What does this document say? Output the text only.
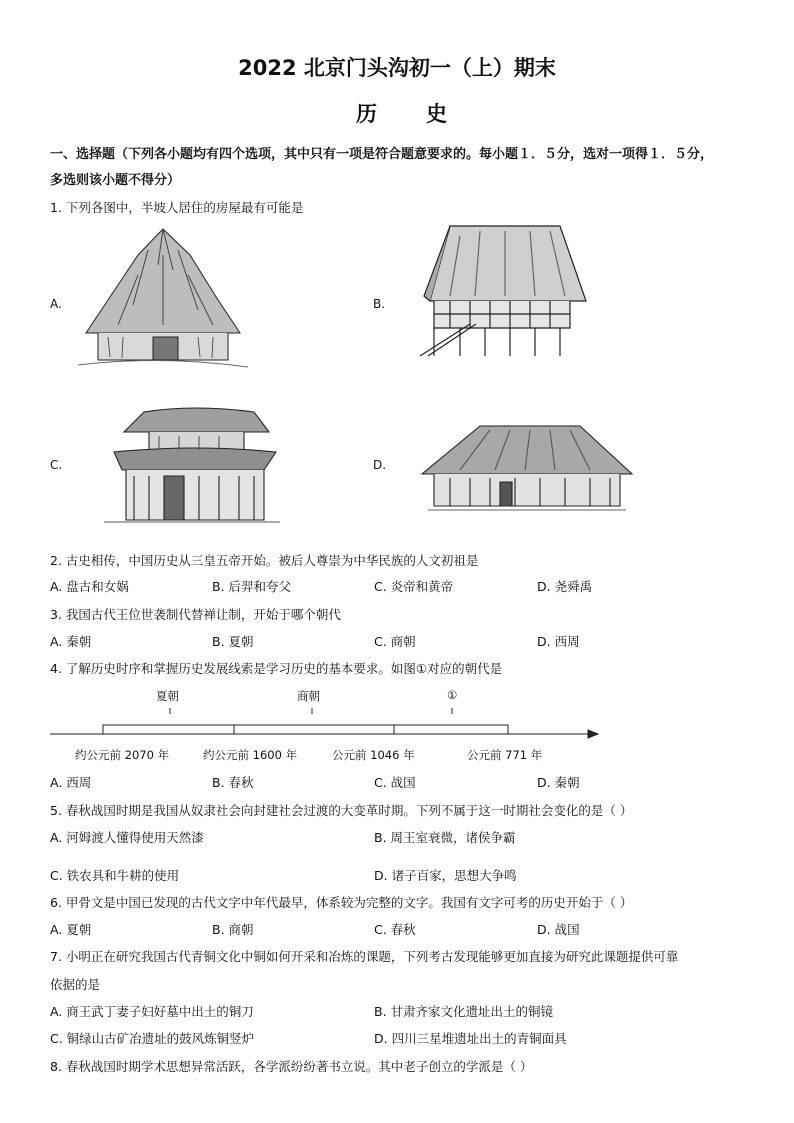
2022 北京门头沟初一（上）期末
历 史
一、选择题（下列各小题均有四个选项，其中只有一项是符合题意要求的。每小题１．５分，选对一项得１．５分，
多选则该小题不得分）
1. 下列各图中，半坡人居住的房屋最有可能是
A.	B.
C.	D.
2. 古史相传，中国历史从三皇五帝开始。被后人尊崇为中华民族的人文初祖是
A. 盘古和女娲	B. 后羿和夸父	C. 炎帝和黄帝	D. 尧舜禹
3. 我国古代王位世袭制代替禅让制，开始于哪个朝代
A. 秦朝	B. 夏朝	C. 商朝	D. 西周
4. 了解历史时序和掌握历史发展线索是学习历史的基本要求。如图①对应的朝代是
夏朝	商朝	①
约公元前 2070 年	约公元前 1600 年	公元前 1046 年	公元前 771 年
A. 西周	B. 春秋	C. 战国	D. 秦朝
5. 春秋战国时期是我国从奴隶社会向封建社会过渡的大变革时期。下列不属于这一时期社会变化的是（ ）
A. 河姆渡人懂得使用天然漆	B. 周王室衰微，诸侯争霸
C. 铁农具和牛耕的使用	D. 诸子百家，思想大争鸣
6. 甲骨文是中国已发现的古代文字中年代最早，体系较为完整的文字。我国有文字可考的历史开始于（ ）
A. 夏朝	B. 商朝	C. 春秋	D. 战国
7. 小明正在研究我国古代青铜文化中铜如何开采和冶炼的课题，下列考古发现能够更加直接为研究此课题提供可靠
依据的是
A. 商王武丁妻子妇好墓中出土的铜刀	B. 甘肃齐家文化遗址出土的铜镜
C. 铜绿山古矿冶遗址的鼓风炼铜竖炉	D. 四川三星堆遗址出土的青铜面具
8. 春秋战国时期学术思想异常活跃，各学派纷纷著书立说。其中老子创立的学派是（ ）
